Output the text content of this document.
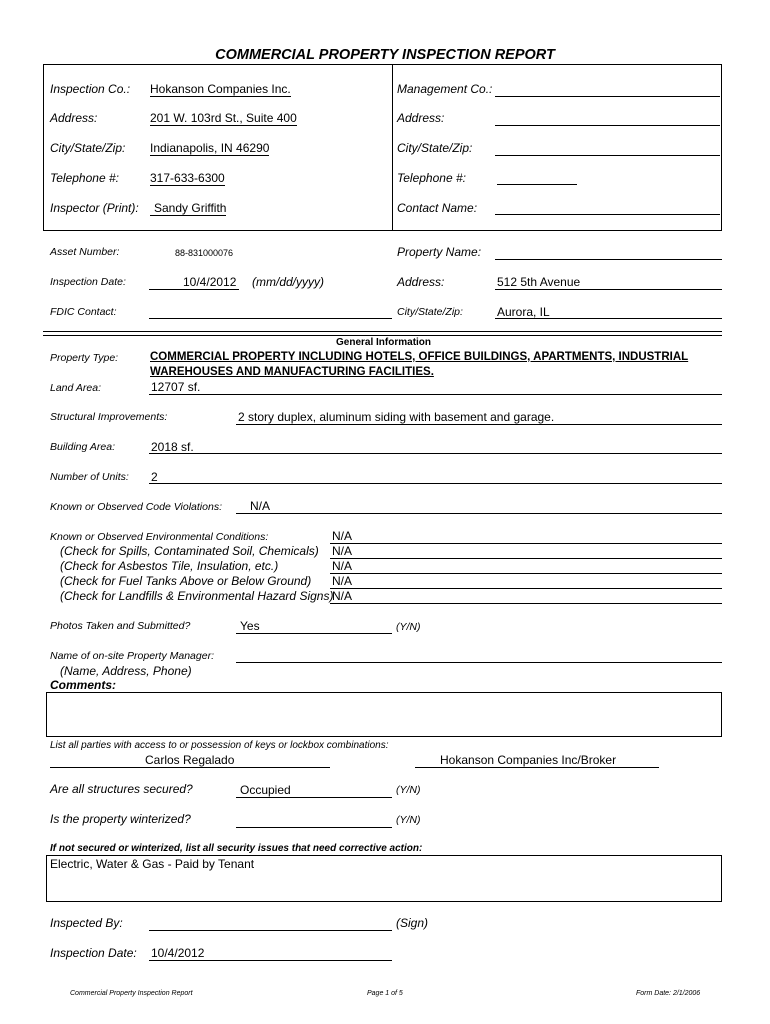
COMMERCIAL PROPERTY INSPECTION REPORT
Inspection Co.: Hokanson Companies Inc.
Address:	201 W. 103rd St., Suite 400
City/State/Zip: Indianapolis, IN 46290
Telephone #:	317-633-6300
Inspector (Print):	Sandy Griffith
Management Co.:
Address:
City/State/Zip:
Telephone #:
Contact Name:
Asset Number:	88-831000076	Property Name:
Inspection Date:	10/4/2012 (mm/dd/yyyy)	Address:	512 5th Avenue
FDIC Contact:	City/State/Zip:	Aurora, IL
General Information
Property Type:	COMMERCIAL PROPERTY INCLUDING HOTELS, OFFICE BUILDINGS, APARTMENTS, INDUSTRIAL
WAREHOUSES AND MANUFACTURING FACILITIES.
Land Area:	12707 sf.
Structural Improvements:	2 story duplex, aluminum siding with basement and garage.
Building Area:	2018 sf.
Number of Units: 2
Known or Observed Code Violations: N/A
Known or Observed Environmental Conditions:	N/A
(Check for Spills, Contaminated Soil, Chemicals) N/A
(Check for Asbestos Tile, Insulation, etc.)	N/A
(Check for Fuel Tanks Above or Below Ground) N/A
(Check for Landfills & Environmental Hazard Signs)
N/A
Photos Taken and Submitted?	Yes	(Y/N)
Name of on-site Property Manager:
(Name, Address, Phone)
Comments:
List all parties with access to or possession of keys or lockbox combinations:
Carlos Regalado	Hokanson Companies Inc/Broker
Are all structures secured?	Occupied	(Y/N)
Is the property winterized?	(Y/N)
If not secured or winterized, list all security issues that need corrective action:
Electric, Water & Gas - Paid by Tenant
Inspected By:	(Sign)
Inspection Date: 10/4/2012
Commercial Property Inspection Report	Page 1 of 5	Form Date: 2/1/2006
